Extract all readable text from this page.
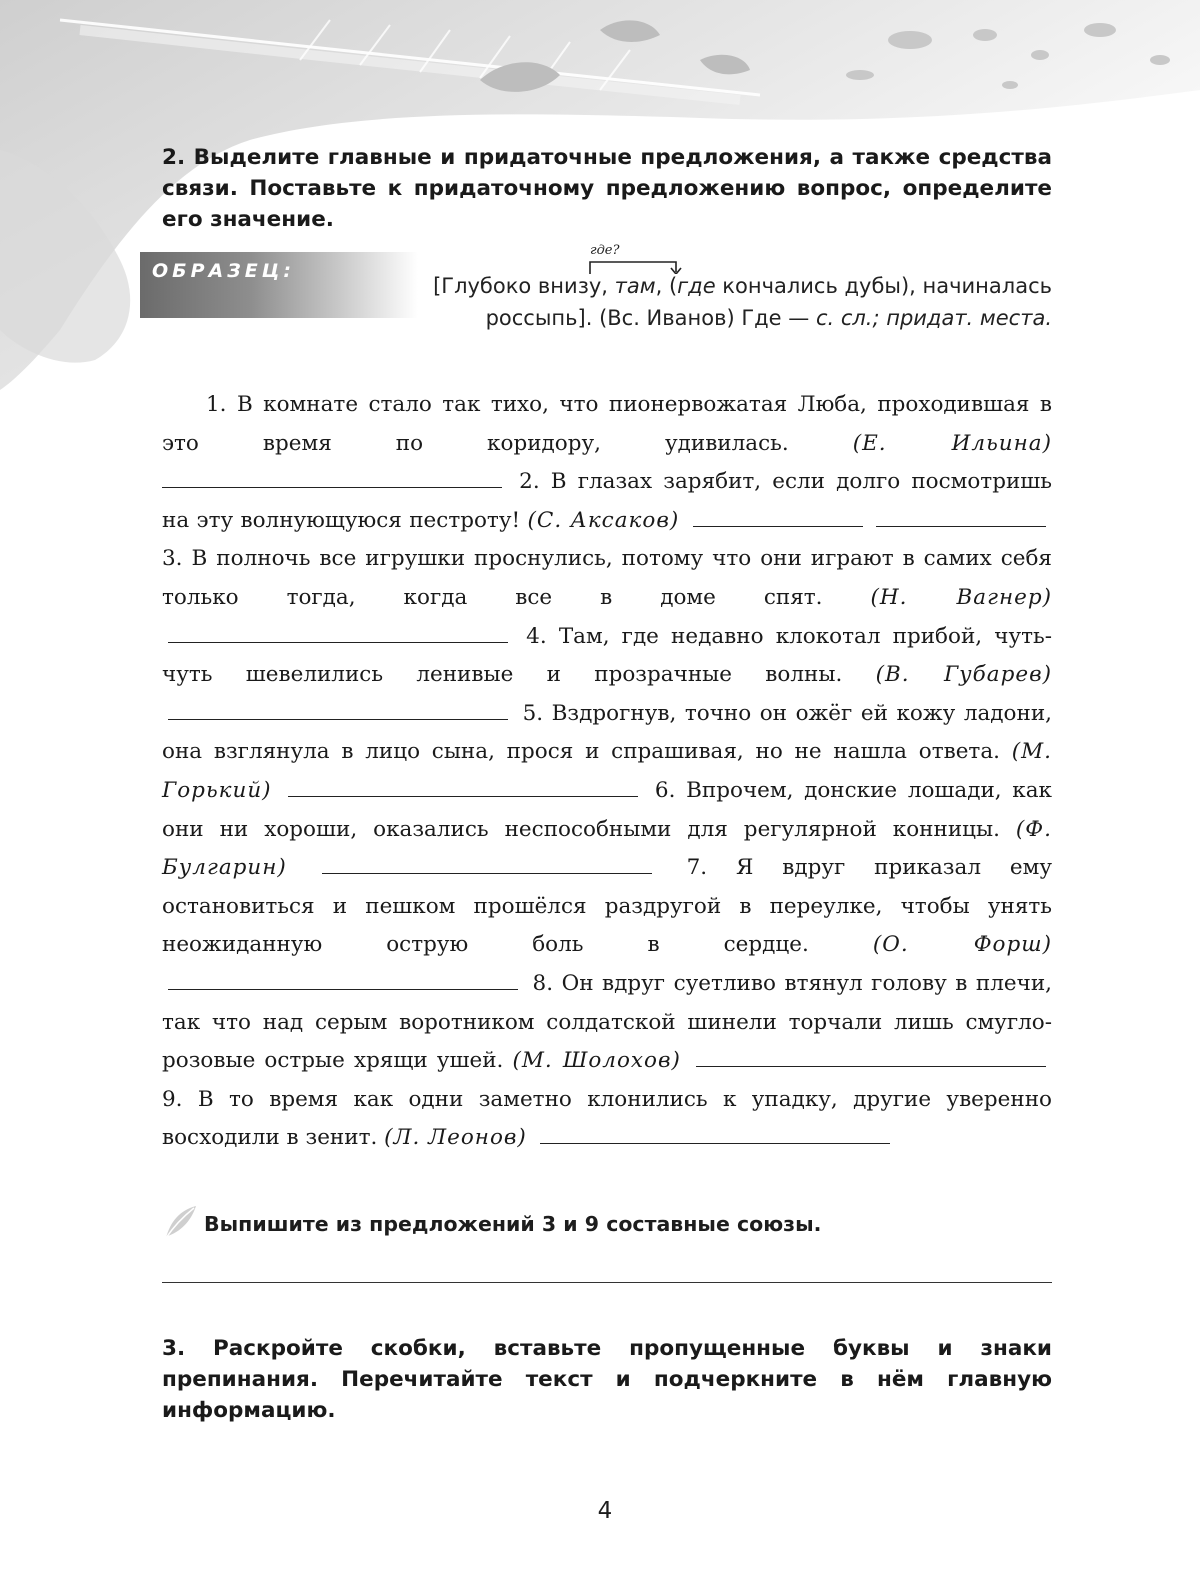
2. Выделите главные и придаточные предложения, а также средства связи. Поставьте к придаточному предложению вопрос, определите его значение.
ОБРАЗЕЦ:
где?
[Глубоко внизу, там, (где кончались дубы), начиналась
россыпь]. (Вс. Иванов) Где — с. сл.; придат. места.

1. В комнате стало так тихо, что пионервожатая Люба, проходившая в это время по коридору, удивилась.	(Е. Ильина)  2. В глазах зарябит, если долго посмотришь на эту волнующуюся пестроту! (С. Аксаков)   3. В полночь все игрушки проснулись, потому что они играют в самих себя только тогда, когда все в доме спят. (Н. Вагнер)  4. Там, где недавно клокотал прибой, чуть-чуть шевелились ленивые и прозрачные волны. (В. Губарев)  5. Вздрогнув, точно он ожёг ей кожу ладони, она взглянула в лицо сына, прося и спрашивая, но не нашла ответа. (М. Горький)	6. Впрочем, донские лошади, как они ни хороши, оказались неспособными для регулярной конницы. (Ф. Булгарин)	7. Я вдруг приказал ему остановиться и пешком прошёлся раздругой в переулке, чтобы унять неожиданную острую боль в сердце.	(О. Форш)  8. Он вдруг суетливо втянул голову в плечи, так что над серым воротником солдатской шинели торчали лишь смугло-розовые острые хрящи ушей. (М. Шолохов)  9. В то время как одни заметно клонились к упадку, другие уверенно восходили в зенит. (Л. Леонов)

Выпишите из предложений 3 и 9 составные союзы.
3. Раскройте скобки, вставьте пропущенные буквы и знаки препинания. Перечитайте текст и подчеркните в нём главную информацию.
4
